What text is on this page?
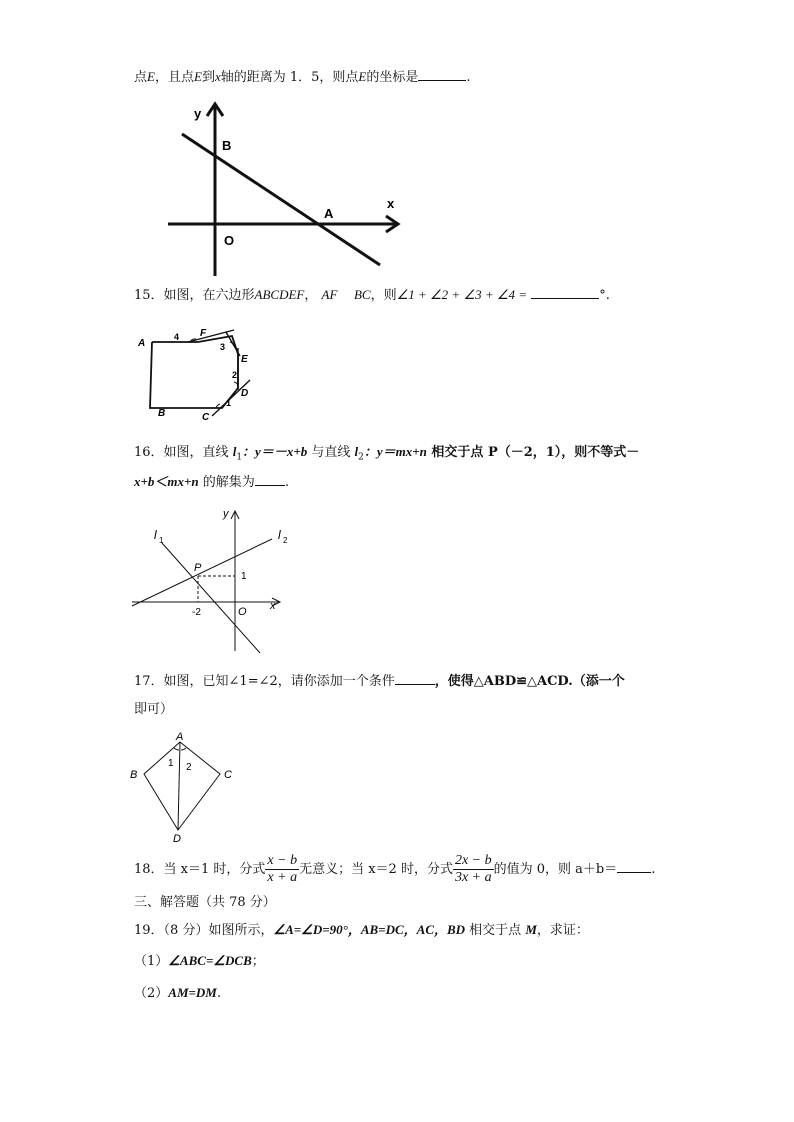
点E，且点E到x轴的距离为 1．5，则点E的坐标是	.
y
B
A
x
O
15．如图，在六边形ABCDEF， AF BC，则∠1 + ∠2 + ∠3 + ∠4 =	°.
A
4 F
3
E
2
D
1
C
B
16．如图，直线 $l_1$：y＝－x+b 与直线 $l_2$：y＝mx+n 相交于点 P（－2，1），则不等式－
x+b＜mx+n 的解集为 .
l 1	l 2
y
x
P
1
-2	O
17．如图，已知∠1=∠2，请你添加一个条件	，使得△ABD≌△ACD.（添一个
即可）
A
B	C
D
1 2
18．当 x＝1 时，分式 $\frac{x - b}{x + a}$ 无意义；当 x＝2 时，分式 $\frac{2x - b}{3x + a}$ 的值为 0，则 a＋b＝	.
三、解答题（共 78 分）
19．（8 分）如图所示，∠A=∠D=90°，AB=DC，AC，BD 相交于点 M，求证：
（1）∠ABC=∠DCB；
（2）AM=DM.
